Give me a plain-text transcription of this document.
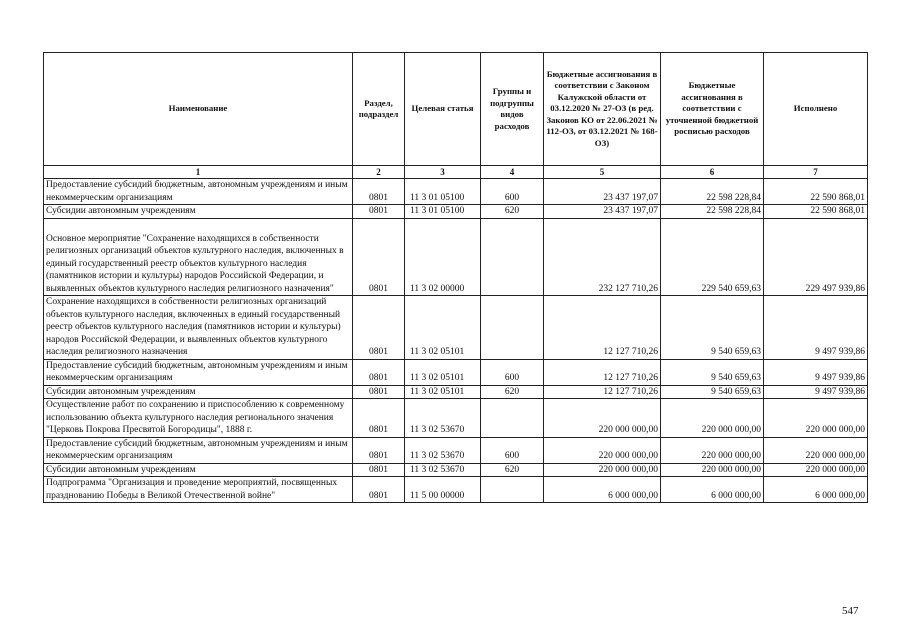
Наименование	Раздел, подраздел	Целевая статья	Группы и подгруппы видов расходов	Бюджетные ассигнования в соответствии с Законом Калужской области от 03.12.2020 № 27-ОЗ (в ред. Законов КО от 22.06.2021 № 112-ОЗ, от 03.12.2021 № 168-ОЗ)	Бюджетные ассигнования в соответствии с уточненной бюджетной росписью расходов	Исполнено
1	2	3	4	5	6	7
Предоставление субсидий бюджетным, автономным учреждениям и иным некоммерческим организациям	0801	11 3 01 05100	600	23 437 197,07	22 598 228,84	22 590 868,01
Субсидии автономным учреждениям	0801	11 3 01 05100	620	23 437 197,07	22 598 228,84	22 590 868,01
Основное мероприятие "Сохранение находящихся в собственности религиозных организаций объектов культурного наследия, включенных в единый государственный реестр объектов культурного наследия (памятников истории и культуры) народов Российской Федерации, и выявленных объектов культурного наследия религиозного назначения"	0801	11 3 02 00000		232 127 710,26	229 540 659,63	229 497 939,86
Сохранение находящихся в собственности религиозных организаций объектов культурного наследия, включенных в единый государственный реестр объектов культурного наследия (памятников истории и культуры) народов Российской Федерации, и выявленных объектов культурного наследия религиозного назначения	0801	11 3 02 05101		12 127 710,26	9 540 659,63	9 497 939,86
Предоставление субсидий бюджетным, автономным учреждениям и иным некоммерческим организациям	0801	11 3 02 05101	600	12 127 710,26	9 540 659,63	9 497 939,86
Субсидии автономным учреждениям	0801	11 3 02 05101	620	12 127 710,26	9 540 659,63	9 497 939,86
Осуществление работ по сохранению и приспособлению к современному использованию объекта культурного наследия регионального значения "Церковь Покрова Пресвятой Богородицы", 1888 г.	0801	11 3 02 53670		220 000 000,00	220 000 000,00	220 000 000,00
Предоставление субсидий бюджетным, автономным учреждениям и иным некоммерческим организациям	0801	11 3 02 53670	600	220 000 000,00	220 000 000,00	220 000 000,00
Субсидии автономным учреждениям	0801	11 3 02 53670	620	220 000 000,00	220 000 000,00	220 000 000,00
Подпрограмма "Организация и проведение мероприятий, посвященных празднованию Победы в Великой Отечественной войне"	0801	11 5 00 00000		6 000 000,00	6 000 000,00	6 000 000,00
547
